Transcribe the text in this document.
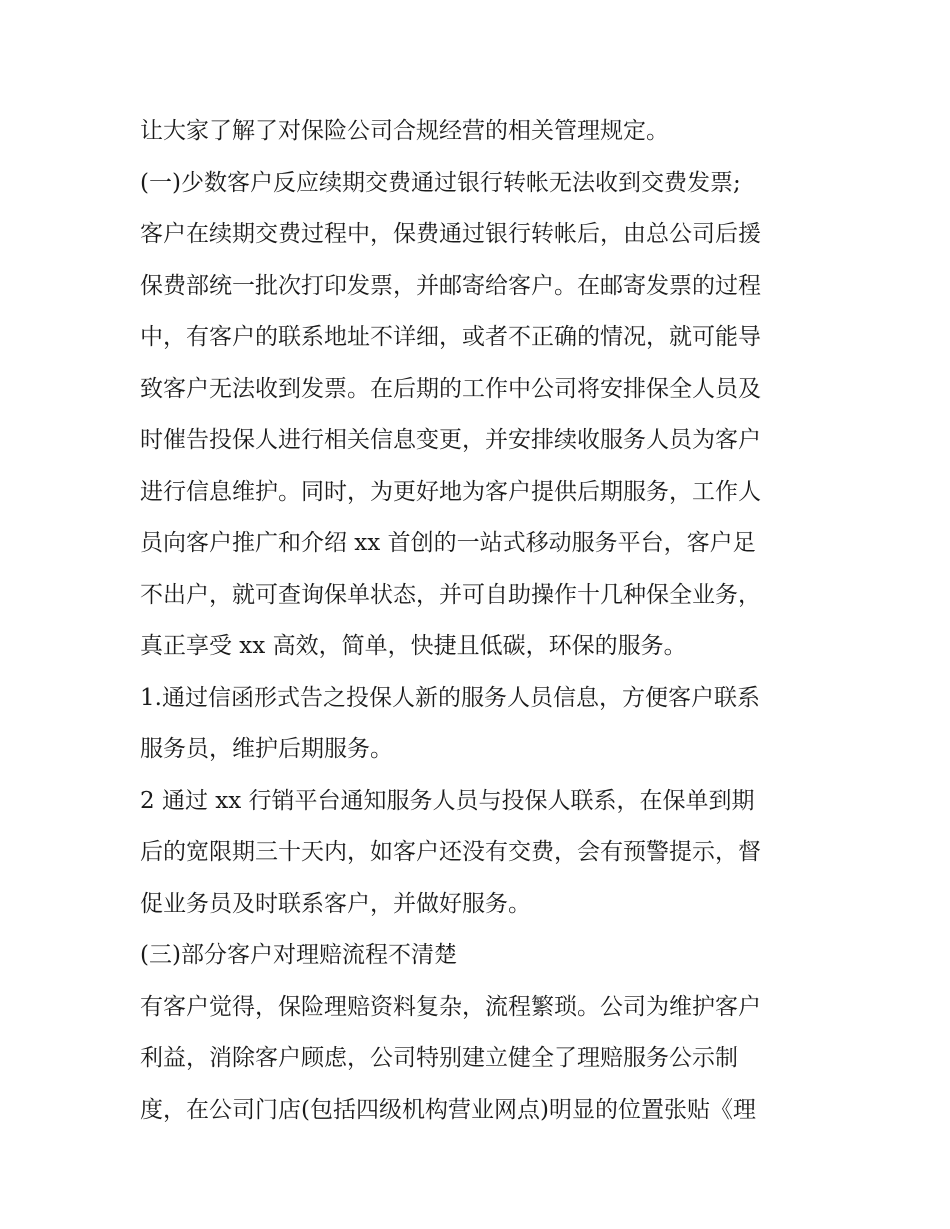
让大家了解了对保险公司合规经营的相关管理规定。
(一)少数客户反应续期交费通过银行转帐无法收到交费发票;
客户在续期交费过程中，保费通过银行转帐后，由总公司后援
保费部统一批次打印发票，并邮寄给客户。在邮寄发票的过程
中，有客户的联系地址不详细，或者不正确的情况，就可能导
致客户无法收到发票。在后期的工作中公司将安排保全人员及
时催告投保人进行相关信息变更，并安排续收服务人员为客户
进行信息维护。同时，为更好地为客户提供后期服务，工作人
员向客户推广和介绍 xx 首创的一站式移动服务平台，客户足
不出户，就可查询保单状态，并可自助操作十几种保全业务，
真正享受 xx 高效，简单，快捷且低碳，环保的服务。
1.通过信函形式告之投保人新的服务人员信息，方便客户联系
服务员，维护后期服务。
2 通过 xx 行销平台通知服务人员与投保人联系，在保单到期
后的宽限期三十天内，如客户还没有交费，会有预警提示，督
促业务员及时联系客户，并做好服务。
(三)部分客户对理赔流程不清楚
有客户觉得，保险理赔资料复杂，流程繁琐。公司为维护客户
利益，消除客户顾虑，公司特别建立健全了理赔服务公示制
度，在公司门店(包括四级机构营业网点)明显的位置张贴《理
